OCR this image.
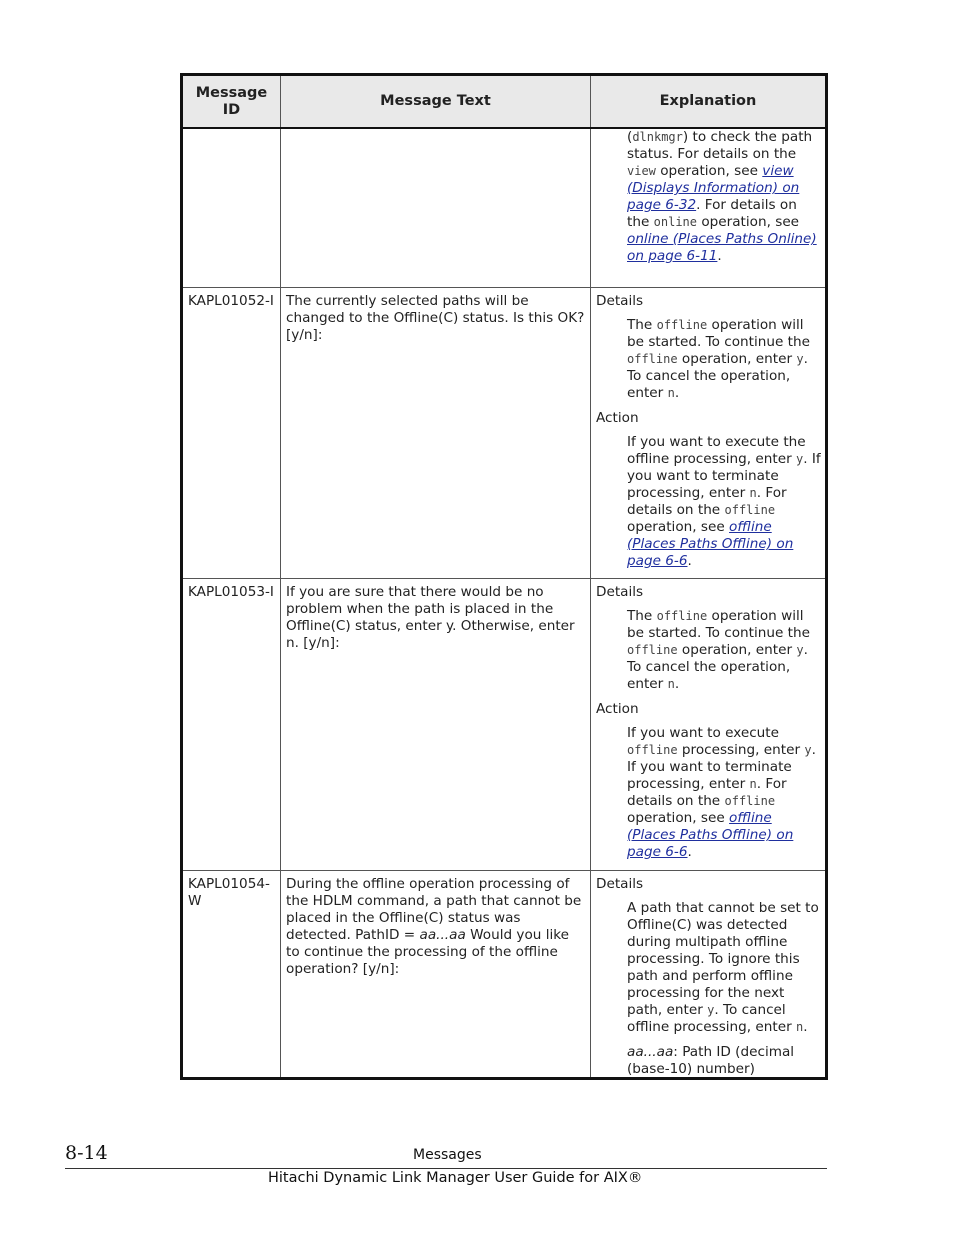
Message ID
Message Text	Explanation
(dlnkmgr) to check the path status. For details on the view operation, see view (Displays Information) on page 6-32. For details on the online operation, see online (Places Paths Online) on page 6-11.
KAPL01052-I The currently selected paths will be changed to the Offline(C) status. Is this OK? [y/n]:
Details
The offline operation will be started. To continue the offline operation, enter y. To cancel the operation, enter n.
Action
If you want to execute the offline processing, enter y. If you want to terminate processing, enter n. For details on the offline operation, see offline (Places Paths Offline) on page 6-6.
KAPL01053-I If you are sure that there would be no problem when the path is placed in the Offline(C) status, enter y. Otherwise, enter n. [y/n]:
Details
The offline operation will be started. To continue the offline operation, enter y. To cancel the operation, enter n.
Action
If you want to execute offline processing, enter y. If you want to terminate processing, enter n. For details on the offline operation, see offline (Places Paths Offline) on page 6-6.
KAPL01054-W
During the offline operation processing of the HDLM command, a path that cannot be placed in the Offline(C) status was detected. PathID = aa...aa Would you like to continue the processing of the offline operation? [y/n]:
Details
A path that cannot be set to Offline(C) was detected during multipath offline processing. To ignore this path and perform offline processing for the next path, enter y. To cancel offline processing, enter n.
aa...aa: Path ID (decimal (base-10) number)
8-14	Messages
Hitachi Dynamic Link Manager User Guide for AIX®
